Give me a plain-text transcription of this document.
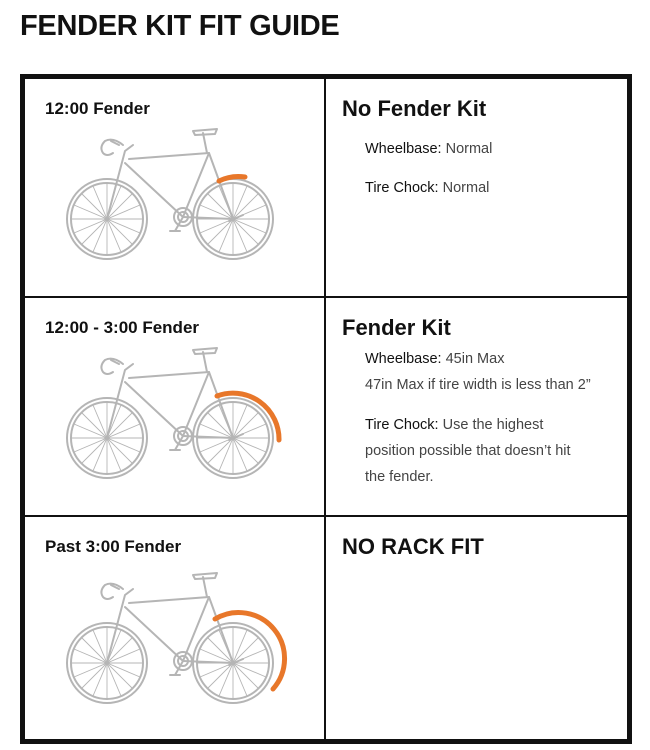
FENDER KIT FIT GUIDE
12:00 Fender	No Fender Kit
Wheelbase: Normal
Tire Chock: Normal
12:00 - 3:00 Fender	Fender Kit
Wheelbase: 45in Max
47in Max if tire width is less than 2”
Tire Chock: Use the highest
position possible that doesn’t hit
the fender.
Past 3:00 Fender	NO RACK FIT
